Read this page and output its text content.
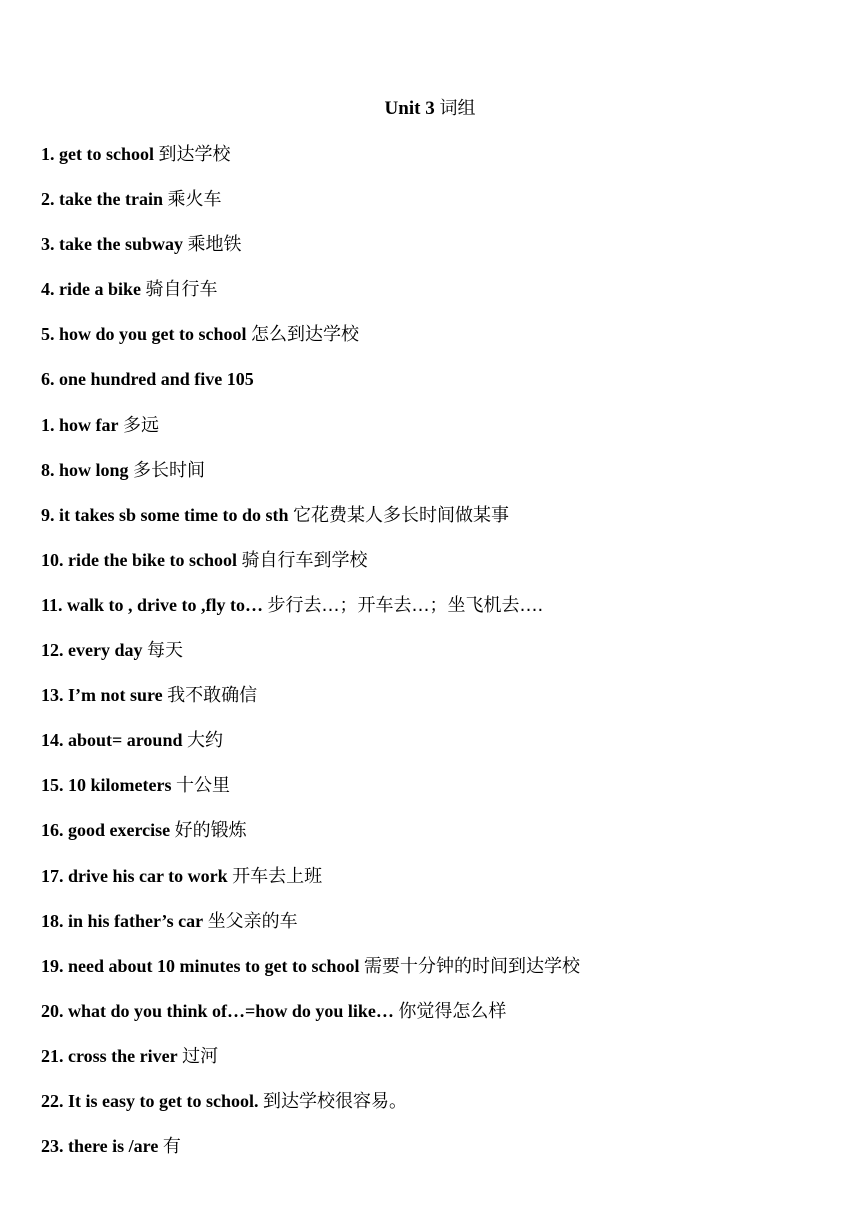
Unit 3 词组
1. get to school 到达学校
2. take the train 乘火车
3. take the subway 乘地铁
4. ride a bike 骑自行车
5. how do you get to school 怎么到达学校
6. one hundred and five 105
1. how far 多远
8. how long 多长时间
9. it takes sb some time to do sth 它花费某人多长时间做某事
10. ride the bike to school 骑自行车到学校
11. walk to , drive to ,fly to… 步行去…；开车去…；坐飞机去….
12. every day 每天
13. I’m not sure 我不敢确信
14. about= around 大约
15. 10 kilometers 十公里
16. good exercise 好的锻炼
17. drive his car to work 开车去上班
18. in his father’s car 坐父亲的车
19. need about 10 minutes to get to school 需要十分钟的时间到达学校
20. what do you think of…=how do you like… 你觉得怎么样
21. cross the river 过河
22. It is easy to get to school. 到达学校很容易。
23. there is /are 有
